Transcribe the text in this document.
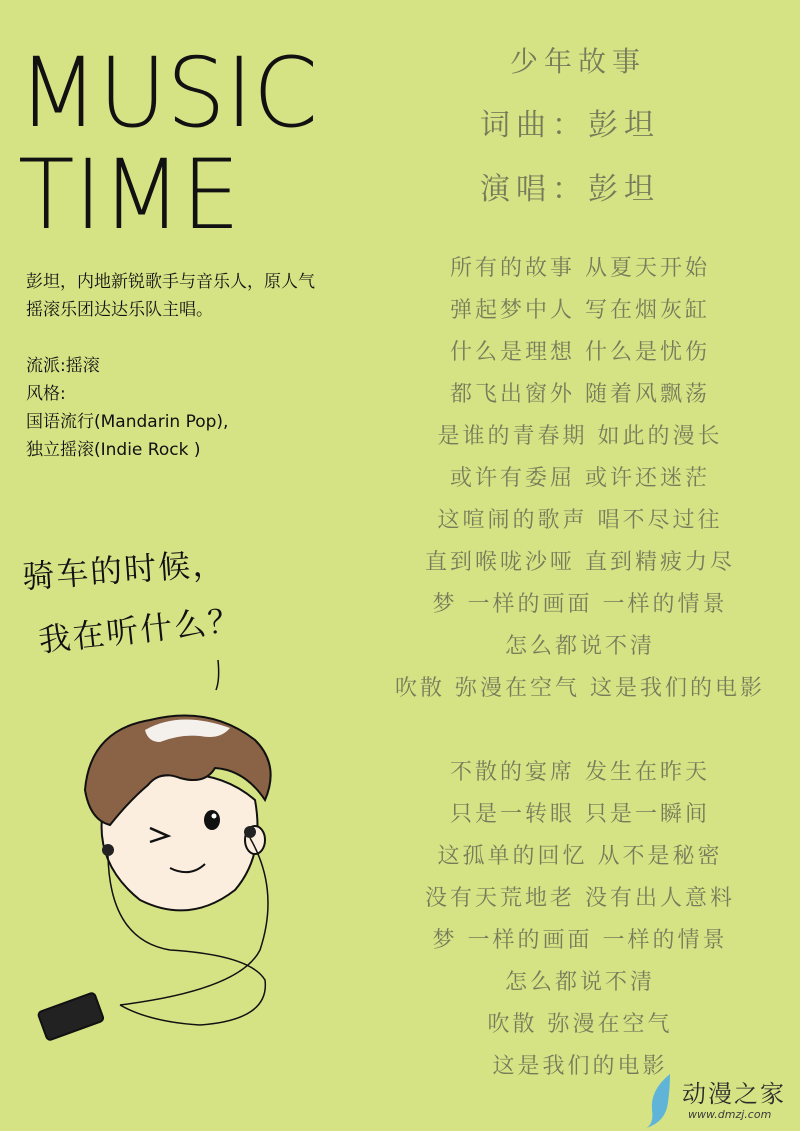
MUSIC
TIME

彭坦，内地新锐歌手与音乐人，原人气

摇滚乐团达达乐队主唱。

流派:摇滚

风格:

国语流行(Mandarin Pop),

独立摇滚(Indie Rock )

骑车的时候，
我在听什么？
少年故事
词曲：彭坦
演唱：彭坦
所有的故事 从夏天开始
弹起梦中人 写在烟灰缸
什么是理想 什么是忧伤
都飞出窗外 随着风飘荡
是谁的青春期 如此的漫长
或许有委屈 或许还迷茫
这喧闹的歌声 唱不尽过往
直到喉咙沙哑 直到精疲力尽
梦 一样的画面 一样的情景
怎么都说不清
吹散 弥漫在空气 这是我们的电影
不散的宴席 发生在昨天
只是一转眼 只是一瞬间
这孤单的回忆 从不是秘密
没有天荒地老 没有出人意料
梦 一样的画面 一样的情景
怎么都说不清
吹散 弥漫在空气
这是我们的电影
动漫之家
www.dmzj.com
